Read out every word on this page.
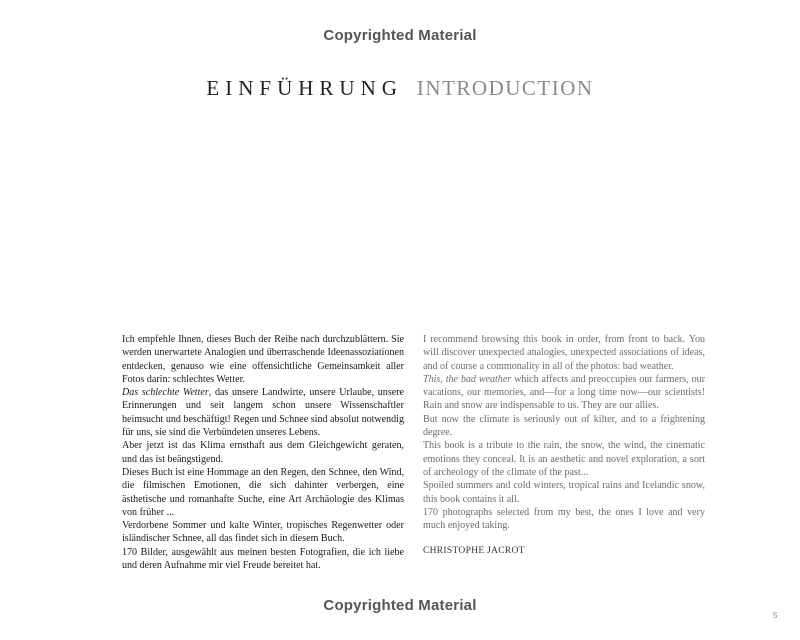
Copyrighted Material
EINFÜHRUNG INTRODUCTION

Ich empfehle Ihnen, dieses Buch der Reihe nach durchzublättern. Sie werden unerwartete Analogien und überraschende Ideenassoziationen entdecken, genauso wie eine offensichtliche Gemeinsamkeit aller Fotos darin: schlechtes Wetter.

Das schlechte Wetter, das unsere Landwirte, unsere Urlaube, unsere Erinnerungen und seit langem schon unsere Wissenschaftler heimsucht und beschäftigt! Regen und Schnee sind absolut notwendig für uns, sie sind die Verbündeten unseres Lebens.

Aber jetzt ist das Klima ernsthaft aus dem Gleichgewicht geraten, und das ist beängstigend.

Dieses Buch ist eine Hommage an den Regen, den Schnee, den Wind, die filmischen Emotionen, die sich dahinter verbergen, eine ästhetische und romanhafte Suche, eine Art Archäologie des Klimas von früher ...

Verdorbene Sommer und kalte Winter, tropisches Regenwetter oder isländischer Schnee, all das findet sich in diesem Buch.

170 Bilder, ausgewählt aus meinen besten Fotografien, die ich liebe und deren Aufnahme mir viel Freude bereitet hat.

I recommend browsing this book in order, from front to back. You will discover unexpected analogies, unexpected associations of ideas, and of course a commonality in all of the photos: bad weather.

This, the bad weather which affects and preoccupies our farmers, our vacations, our memories, and—for a long time now—our scientists! Rain and snow are indispensable to us. They are our allies.

But now the climate is seriously out of kilter, and to a frightening degree.

This book is a tribute to the rain, the snow, the wind, the cinematic emotions they conceal. It is an aesthetic and novel exploration, a sort of archeology of the climate of the past...

Spoiled summers and cold winters, tropical rains and Icelandic snow, this book contains it all.

170 photographs selected from my best, the ones I love and very much enjoyed taking.

CHRISTOPHE JACROT
Copyrighted Material
5
